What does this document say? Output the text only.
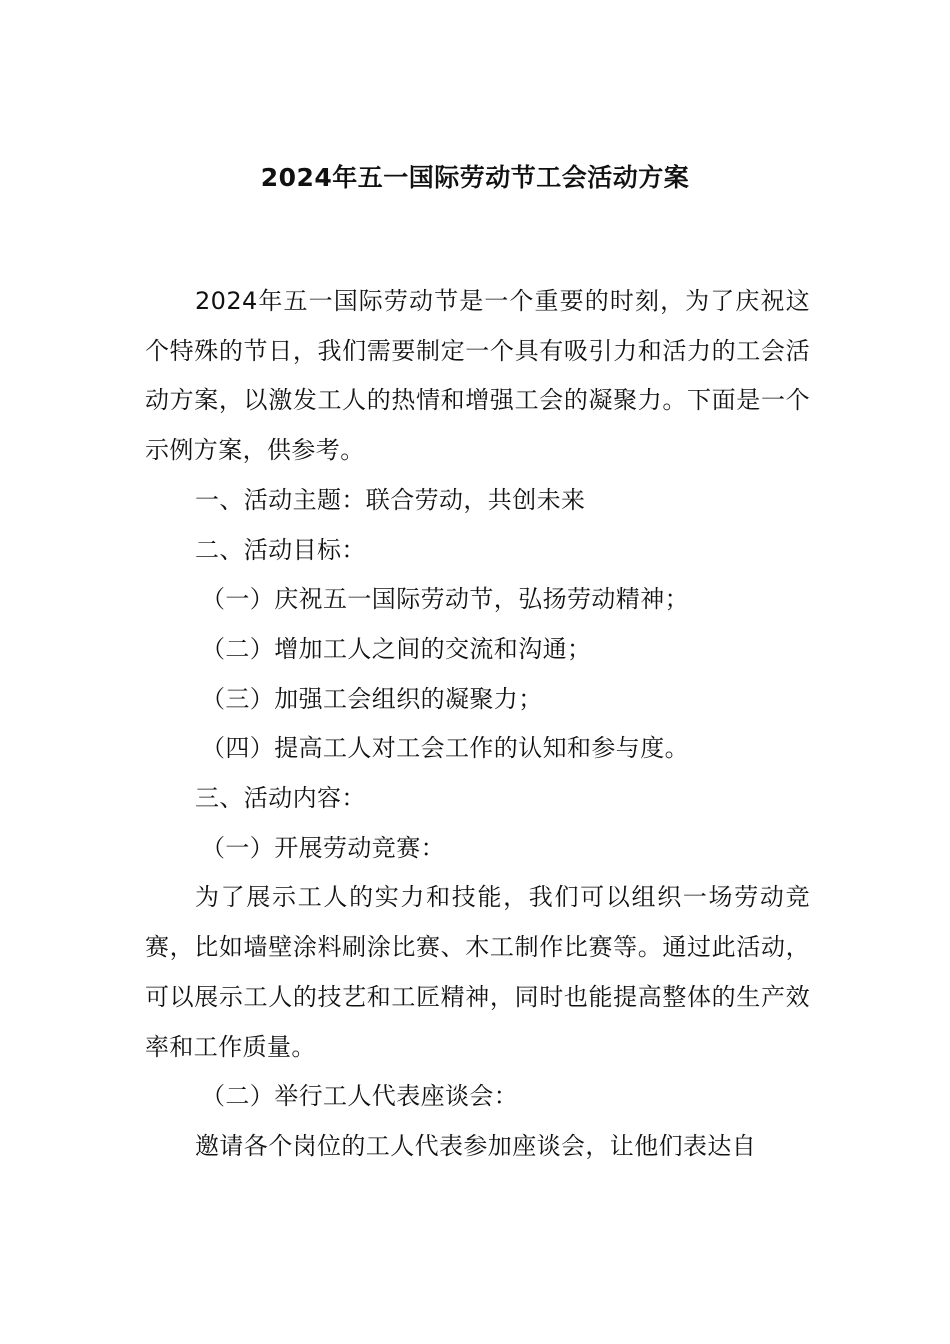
2024年五一国际劳动节工会活动方案

2024年五一国际劳动节是一个重要的时刻，为了庆祝这个特殊的节日，我们需要制定一个具有吸引力和活力的工会活动方案，以激发工人的热情和增强工会的凝聚力。下面是一个示例方案，供参考。

一、活动主题：联合劳动，共创未来

二、活动目标：

（一）庆祝五一国际劳动节，弘扬劳动精神；

（二）增加工人之间的交流和沟通；

（三）加强工会组织的凝聚力；

（四）提高工人对工会工作的认知和参与度。

三、活动内容：

（一）开展劳动竞赛：

为了展示工人的实力和技能，我们可以组织一场劳动竞赛，比如墙壁涂料刷涂比赛、木工制作比赛等。通过此活动，可以展示工人的技艺和工匠精神，同时也能提高整体的生产效率和工作质量。

（二）举行工人代表座谈会：

邀请各个岗位的工人代表参加座谈会，让他们表达自
